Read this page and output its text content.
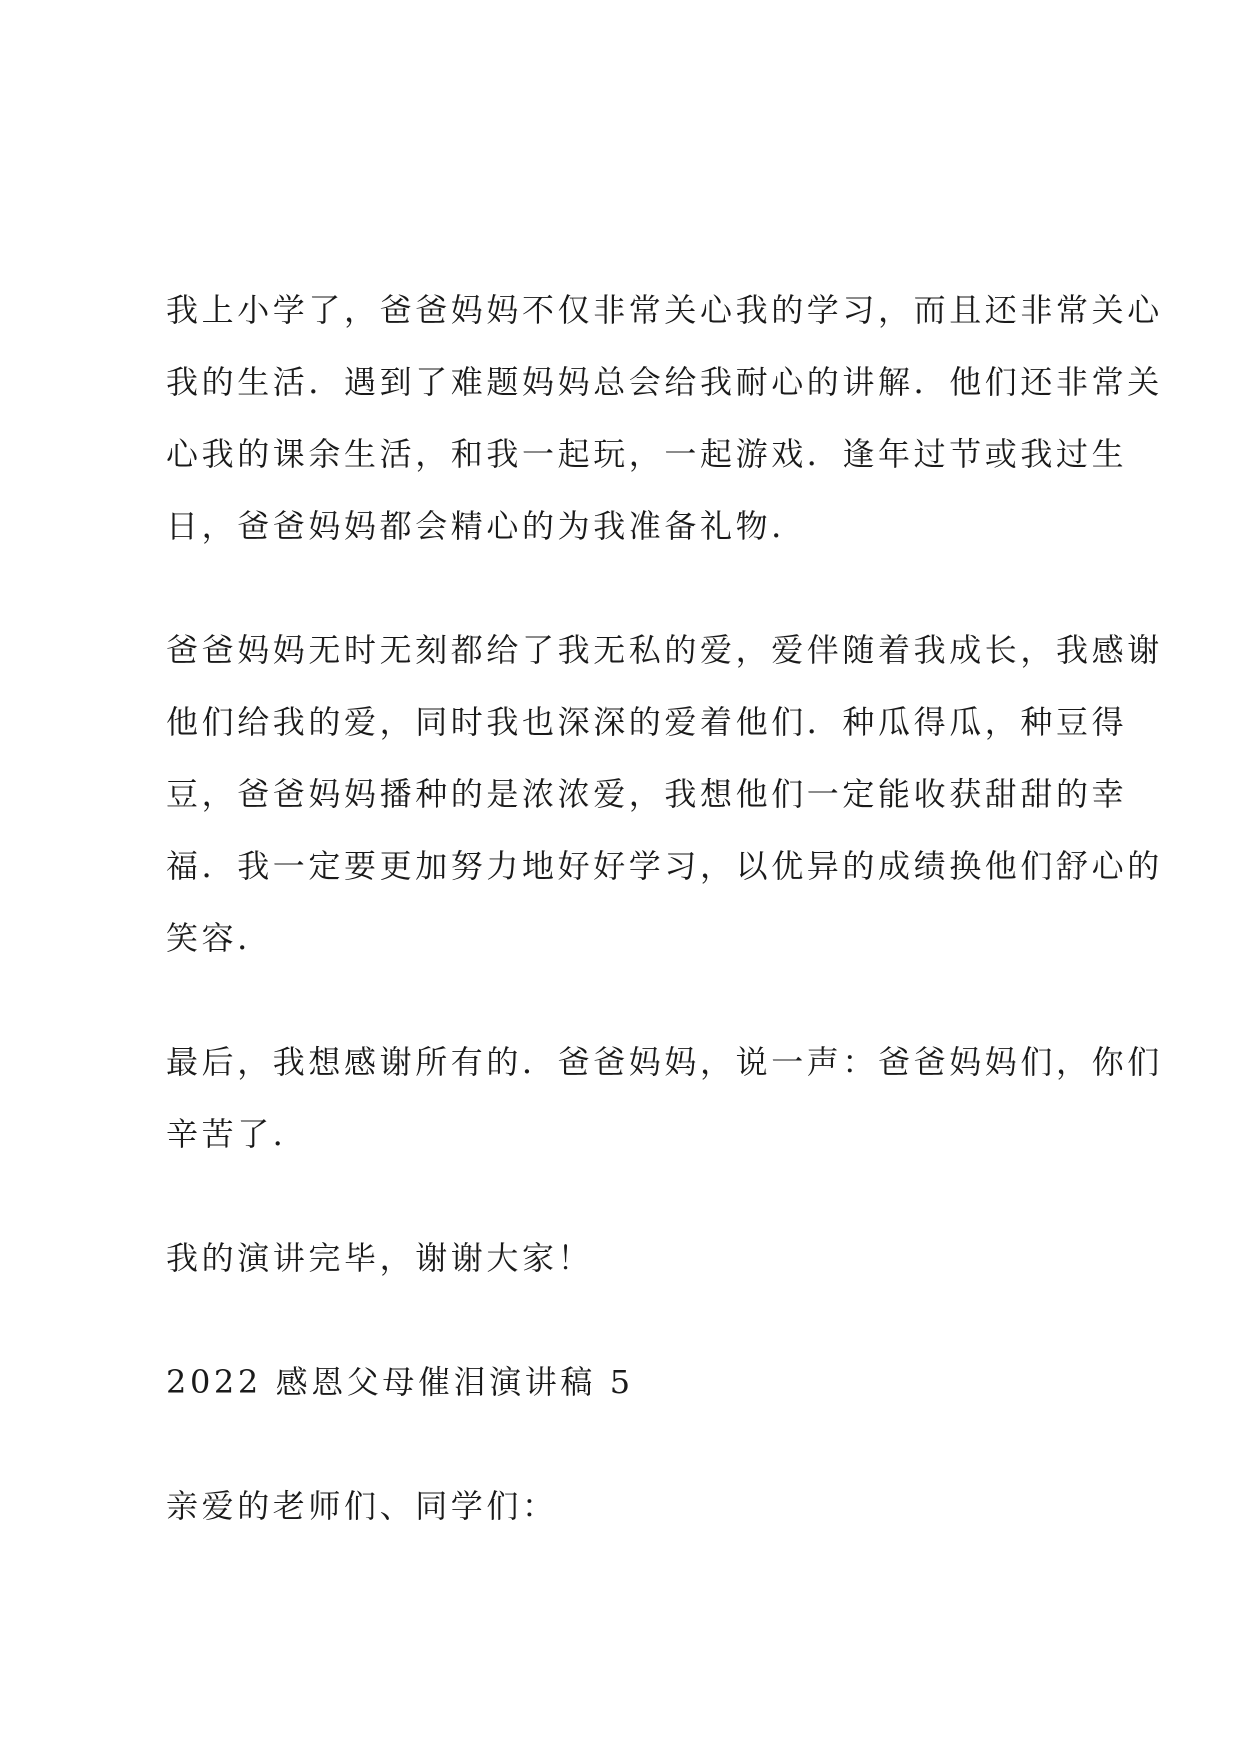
我上小学了，爸爸妈妈不仅非常关心我的学习，而且还非常关心
我的生活．遇到了难题妈妈总会给我耐心的讲解．他们还非常关
心我的课余生活，和我一起玩，一起游戏．逢年过节或我过生
日，爸爸妈妈都会精心的为我准备礼物．
爸爸妈妈无时无刻都给了我无私的爱，爱伴随着我成长，我感谢
他们给我的爱，同时我也深深的爱着他们．种瓜得瓜，种豆得
豆，爸爸妈妈播种的是浓浓爱，我想他们一定能收获甜甜的幸
福．我一定要更加努力地好好学习，以优异的成绩换他们舒心的
笑容．
最后，我想感谢所有的．爸爸妈妈，说一声：爸爸妈妈们，你们
辛苦了．
我的演讲完毕，谢谢大家！
2022 感恩父母催泪演讲稿 5
亲爱的老师们、同学们：
